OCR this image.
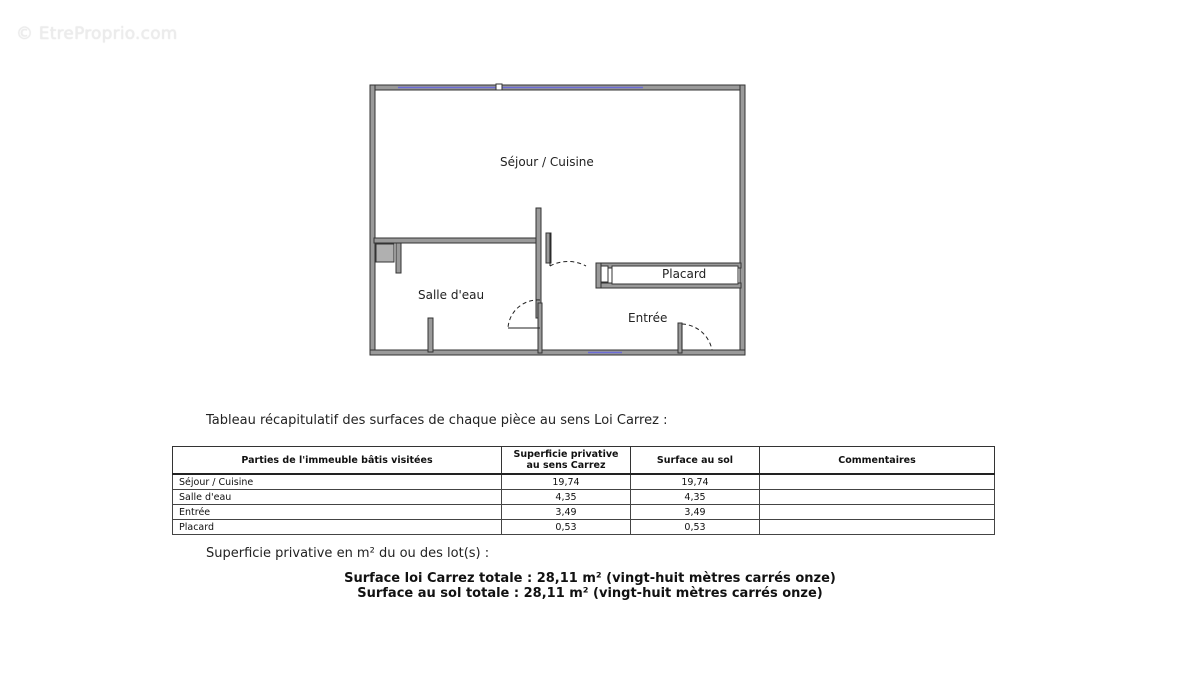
© EtreProprio.com
Séjour / Cuisine
Salle d'eau
Placard
Entrée
Tableau récapitulatif des surfaces de chaque pièce au sens Loi Carrez :
Parties de l'immeuble bâtis visitées	Superficie privative au sens Carrez	Surface au sol	Commentaires
Séjour / Cuisine	19,74	19,74	
Salle d'eau	4,35	4,35	
Entrée	3,49	3,49	
Placard	0,53	0,53	
Superficie privative en m² du ou des lot(s) :
Surface loi Carrez totale : 28,11 m² (vingt-huit mètres carrés onze)
Surface au sol totale : 28,11 m² (vingt-huit mètres carrés onze)
